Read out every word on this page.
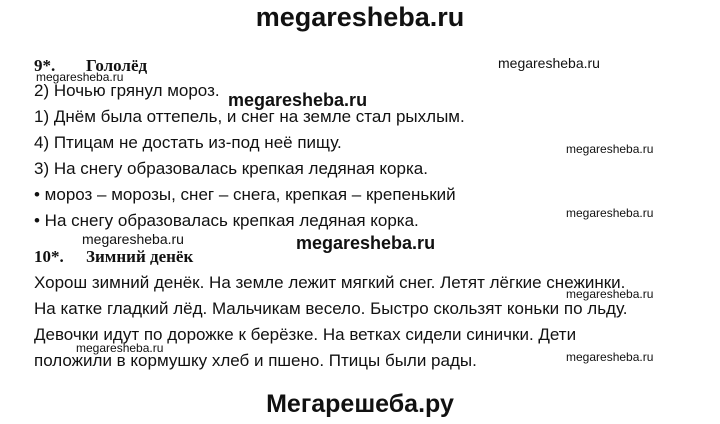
megaresheba.ru
Мегарешеба.ру
9*. Гололёд
2) Ночью грянул мороз.
1) Днём была оттепель, и снег на земле стал рыхлым.
4) Птицам не достать из-под неё пищу.
3) На снегу образовалась крепкая ледяная корка.
• мороз – морозы, снег – снега, крепкая – крепенький
• На снегу образовалась крепкая ледяная корка.
10*. Зимний денёк
Хорош зимний денёк. На земле лежит мягкий снег. Летят лёгкие снежинки.
На катке гладкий лёд. Мальчикам весело. Быстро скользят коньки по льду.
Девочки идут по дорожке к берёзке. На ветках сидели синички. Дети
положили в кормушку хлеб и пшено. Птицы были рады.
megaresheba.ru
megaresheba.ru
megaresheba.ru
megaresheba.ru
megaresheba.ru
megaresheba.ru	megaresheba.ru
megaresheba.ru
megaresheba.ru
megaresheba.ru
